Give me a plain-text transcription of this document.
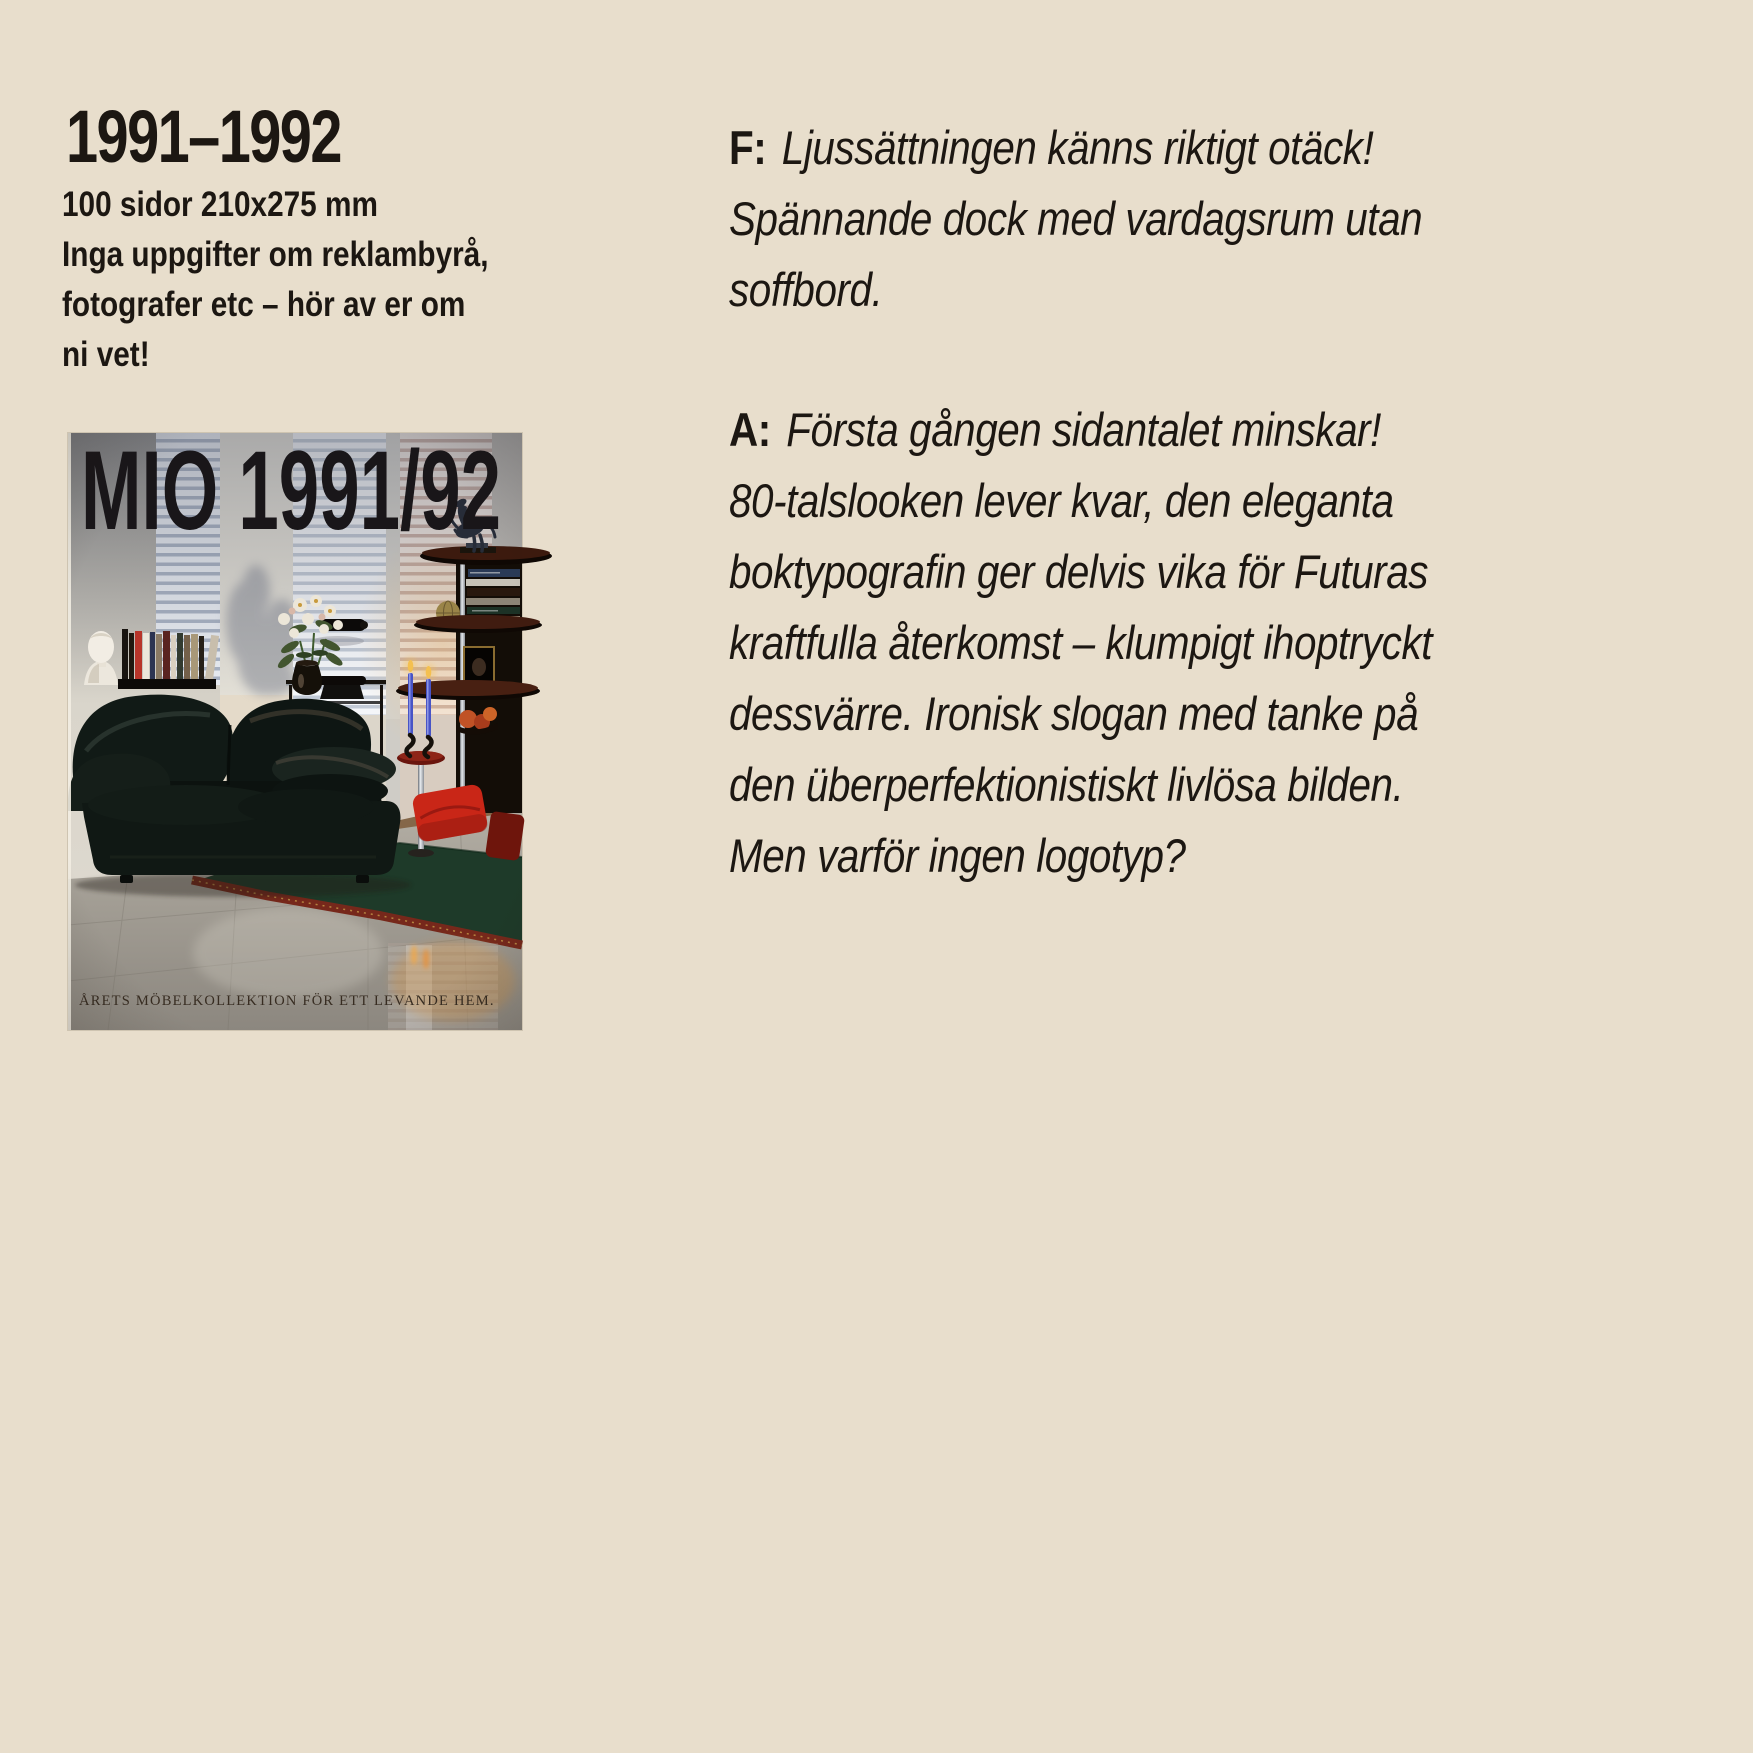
1991–1992
100 sidor 210x275 mm
Inga uppgifter om reklambyrå,
fotografer etc – hör av er om
ni vet!

F: Ljussättningen känns riktigt otäck!
Spännande dock med vardagsrum utan
soffbord.

A: Första gången sidantalet minskar!
80-talslooken lever kvar, den eleganta
boktypografin ger delvis vika för Futuras
kraftfulla återkomst – klumpigt ihoptryckt
dessvärre. Ironisk slogan med tanke på
den überperfektionistiskt livlösa bilden.
Men varför ingen logotyp?
